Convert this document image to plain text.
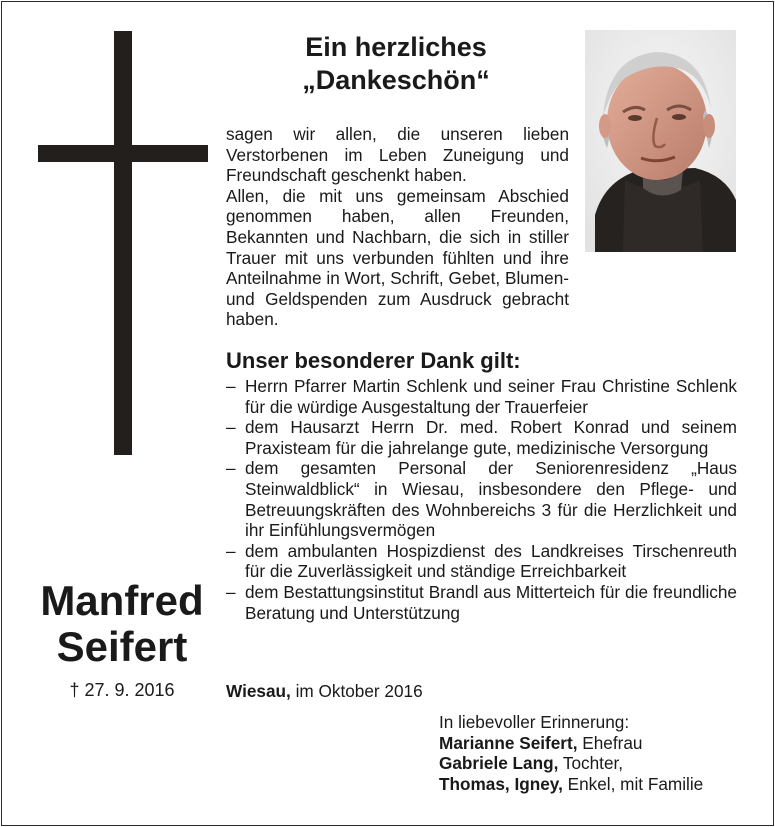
Ein herzliches
„Dankeschön“

sagen wir allen, die unseren lieben Verstorbenen im Leben Zuneigung und Freundschaft geschenkt haben.

Allen, die mit uns gemeinsam Abschied genommen haben, allen Freunden, Bekannten und Nachbarn, die sich in stiller Trauer mit uns verbunden fühlten und ihre Anteilnahme in Wort, Schrift, Gebet, Blumen- und Geldspenden zum Ausdruck gebracht haben.

Unser besonderer Dank gilt:
– Herrn Pfarrer Martin Schlenk und seiner Frau Christine Schlenk für die würdige Ausgestaltung der Trauerfeier
– dem Hausarzt Herrn Dr. med. Robert Konrad und seinem Praxisteam für die jahrelange gute, medizinische Versorgung
– dem gesamten Personal der Seniorenresidenz „Haus Steinwaldblick“ in Wiesau, insbesondere den Pflege- und Betreuungskräften des Wohnbereichs 3 für die Herzlichkeit und ihr Einfühlungsvermögen
– dem ambulanten Hospizdienst des Landkreises Tirschenreuth für die Zuverlässigkeit und ständige Erreichbarkeit
– dem Bestattungsinstitut Brandl aus Mitterteich für die freundliche Beratung und Unterstützung
Manfred
Seifert
† 27. 9. 2016	Wiesau, im Oktober 2016
In liebevoller Erinnerung:
Marianne Seifert, Ehefrau
Gabriele Lang, Tochter,
Thomas, Igney, Enkel, mit Familie
